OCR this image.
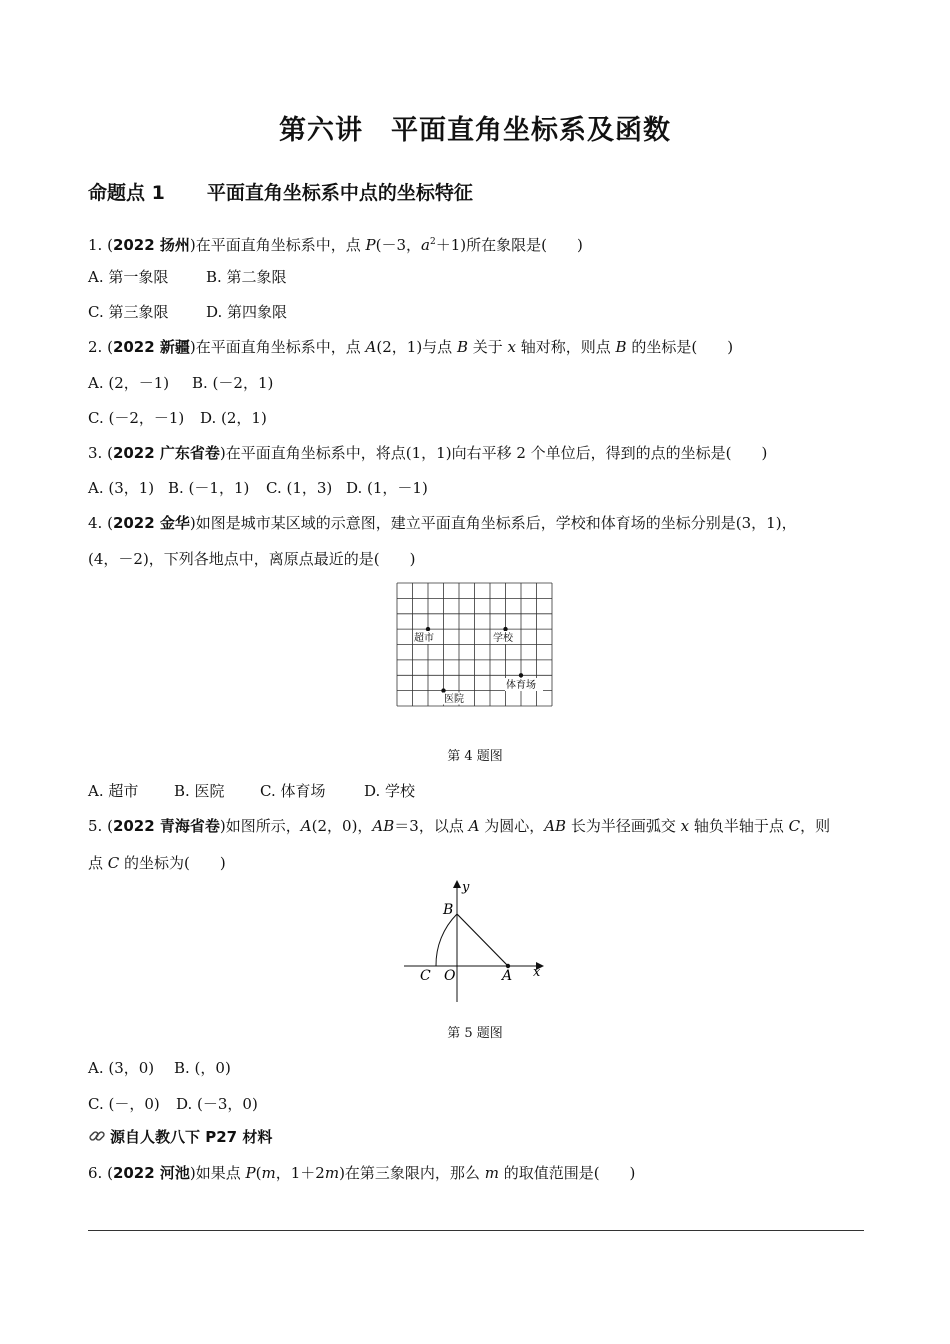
第六讲　平面直角坐标系及函数
命题点 1 平面直角坐标系中点的坐标特征
1. (2022 扬州)在平面直角坐标系中，点 P(－3，$a^2+1$)所在象限是(　　)
A. 第一象限	B. 第二象限
C. 第三象限	D. 第四象限
2. (2022 新疆)在平面直角坐标系中，点 A(2，1)与点 B 关于 x 轴对称，则点 B 的坐标是(　　)
A. (2，－1) B. (－2，1)
C. (－2，－1) D. (2，1)
3. (2022 广东省卷)在平面直角坐标系中，将点(1，1)向右平移 2 个单位后，得到的点的坐标是(　　)
A. (3，1) B. (－1，1) C. (1，3) D. (1，－1)
4. (2022 金华)如图是城市某区域的示意图，建立平面直角坐标系后，学校和体育场的坐标分别是(3，1)，
(4，－2)，下列各地点中，离原点最近的是(　　)
超市	学校
体育场
医院
第 4 题图
A. 超市 B. 医院 C. 体育场	D. 学校
5. (2022 青海省卷)如图所示，A(2，0)，AB＝3，以点 A 为圆心，AB 长为半径画弧交 x 轴负半轴于点 C，则
点 C 的坐标为(　　)
y
x
B
C O	A
第 5 题图
A. (3，0) B. (，0)
C. (－，0) D. (－3，0)
源自人教八下 P27 材料
6. (2022 河池)如果点 P(m，1＋2m)在第三象限内，那么 m 的取值范围是(　　)
